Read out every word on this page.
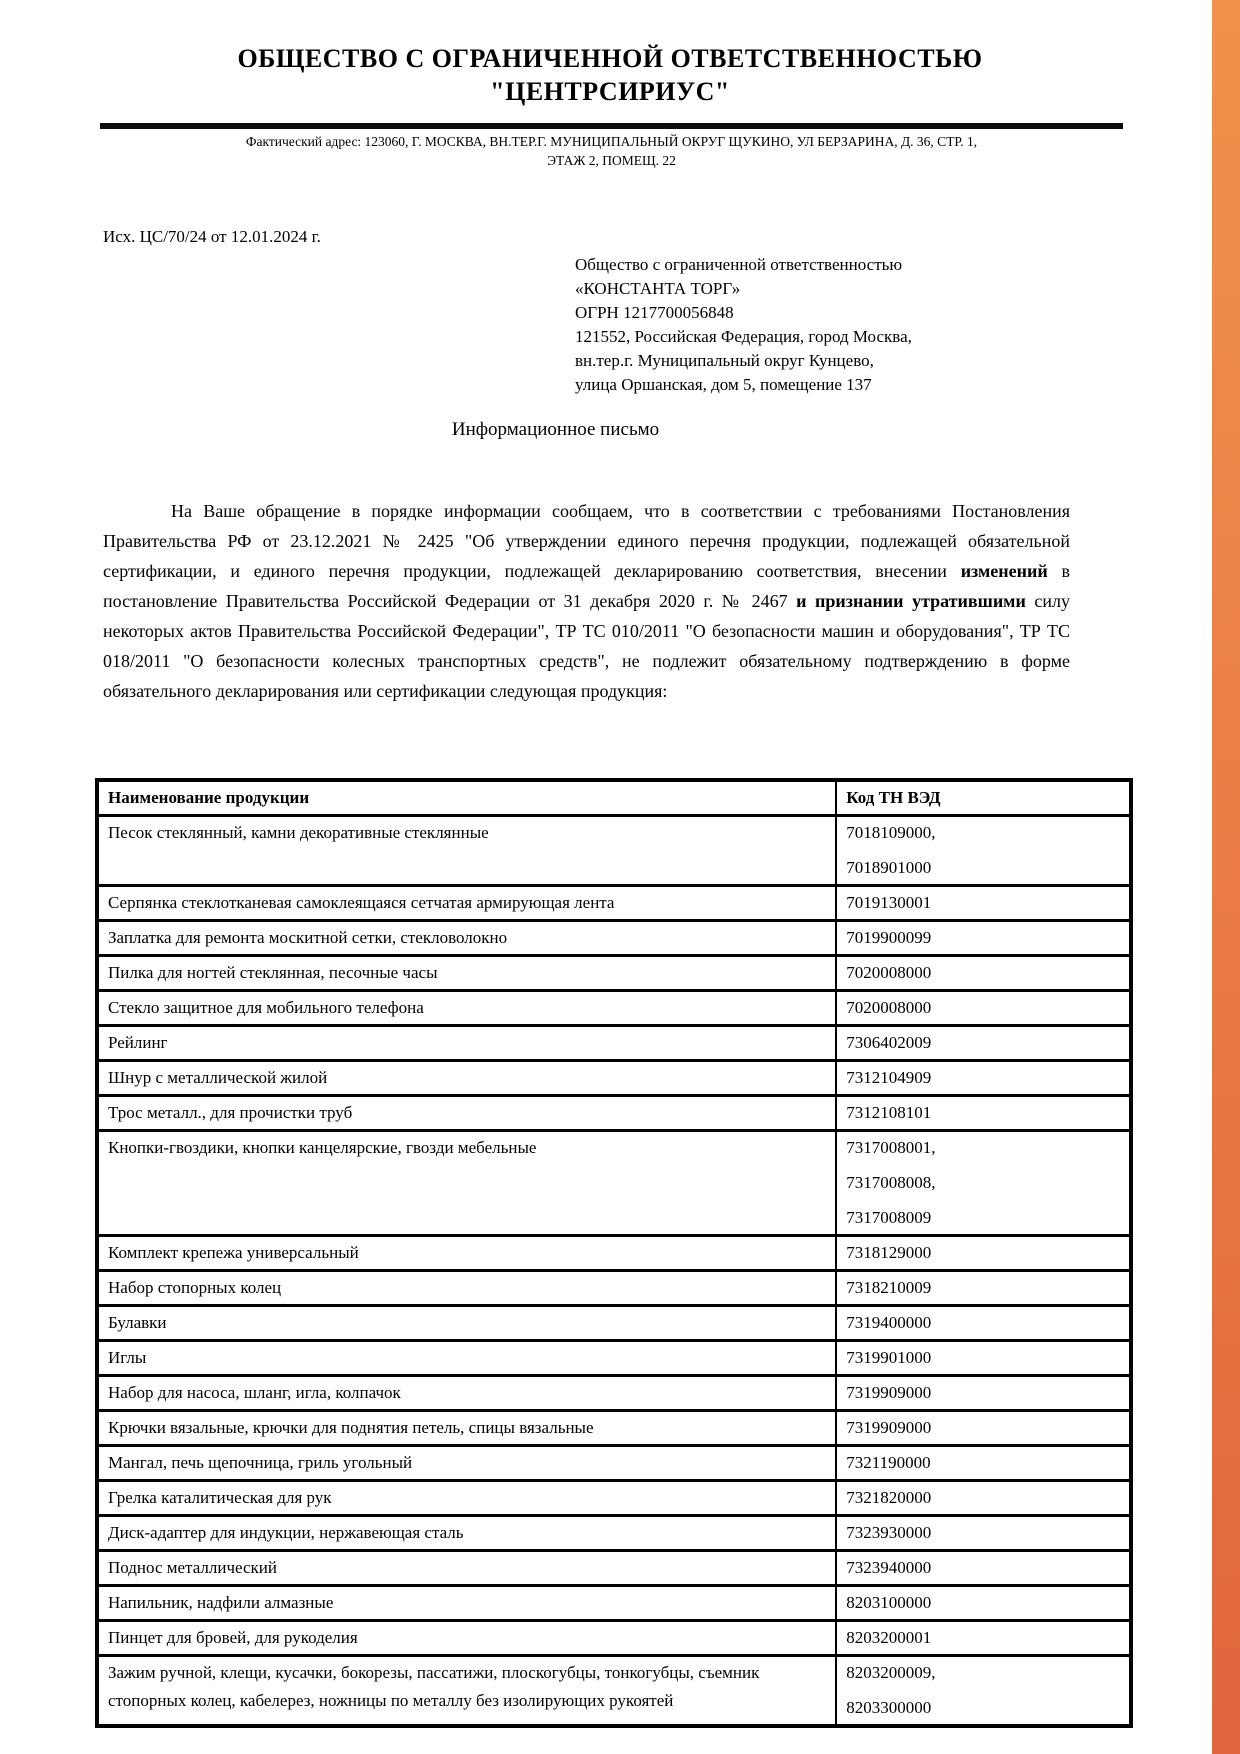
ОБЩЕСТВО С ОГРАНИЧЕННОЙ ОТВЕТСТВЕННОСТЬЮ
"ЦЕНТРСИРИУС"
Фактический адрес: 123060, Г. МОСКВА, ВН.ТЕР.Г. МУНИЦИПАЛЬНЫЙ ОКРУГ ЩУКИНО, УЛ БЕРЗАРИНА, Д. 36, СТР. 1,
ЭТАЖ 2, ПОМЕЩ. 22
Исх. ЦС/70/24 от 12.01.2024 г.
Общество с ограниченной ответственностью
«КОНСТАНТА ТОРГ»
ОГРН 1217700056848
121552, Российская Федерация, город Москва,
вн.тер.г. Муниципальный округ Кунцево,
улица Оршанская, дом 5, помещение 137
Информационное письмо

На Ваше обращение в порядке информации сообщаем, что в соответствии с требованиями Постановления Правительства РФ от 23.12.2021 № 2425 "Об утверждении единого перечня продукции, подлежащей обязательной сертификации, и единого перечня продукции, подлежащей декларированию соответствия, внесении изменений в постановление Правительства Российской Федерации от 31 декабря 2020 г. № 2467 и признании утратившими силу некоторых актов Правительства Российской Федерации", ТР ТС 010/2011 "О безопасности машин и оборудования", ТР ТС 018/2011 "О безопасности колесных транспортных средств", не подлежит обязательному подтверждению в форме обязательного декларирования или сертификации следующая продукция:

Наименование продукции	Код ТН ВЭД
Песок стеклянный, камни декоративные стеклянные	7018109000,
7018901000

Серпянка стеклотканевая самоклеящаяся сетчатая армирующая лента	7019130001

Заплатка для ремонта москитной сетки, стекловолокно	7019900099

Пилка для ногтей стеклянная, песочные часы	7020008000

Стекло защитное для мобильного телефона	7020008000

Рейлинг	7306402009

Шнур с металлической жилой	7312104909

Трос металл., для прочистки труб	7312108101

Кнопки-гвоздики, кнопки канцелярские, гвозди мебельные	7317008001,
7317008008,
7317008009

Комплект крепежа универсальный	7318129000

Набор стопорных колец	7318210009

Булавки	7319400000

Иглы	7319901000

Набор для насоса, шланг, игла, колпачок	7319909000

Крючки вязальные, крючки для поднятия петель, спицы вязальные	7319909000

Мангал, печь щепочница, гриль угольный	7321190000

Грелка каталитическая для рук	7321820000

Диск-адаптер для индукции, нержавеющая сталь	7323930000

Поднос металлический	7323940000

Напильник, надфили алмазные	8203100000

Пинцет для бровей, для рукоделия	8203200001

Зажим ручной, клещи, кусачки, бокорезы, пассатижи, плоскогубцы, тонкогубцы, съемник стопорных колец, кабелерез, ножницы по металлу без изолирующих рукоятей	8203200009,
8203300000
